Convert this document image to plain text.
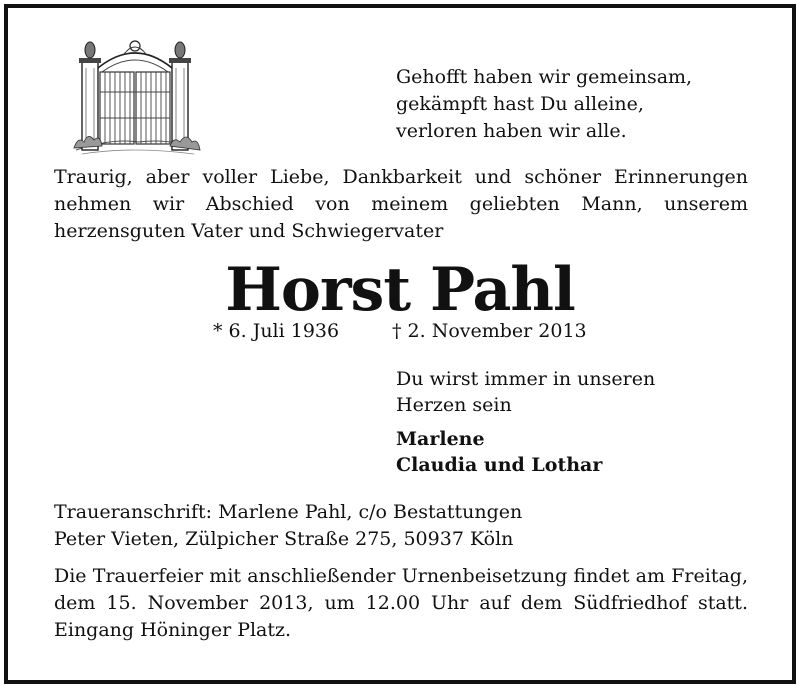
Gehofft haben wir gemeinsam,
gekämpft hast Du alleine,
verloren haben wir alle.
Traurig, aber voller Liebe, Dankbarkeit und schöner Erinnerungen nehmen wir Abschied von meinem geliebten Mann, unserem herzensguten Vater und Schwiegervater
Horst Pahl
* 6. Juli 1936	† 2. November 2013
Du wirst immer in unseren
Herzen sein
Marlene
Claudia und Lothar
Traueranschrift: Marlene Pahl, c/o Bestattungen
Peter Vieten, Zülpicher Straße 275, 50937 Köln
Die Trauerfeier mit anschließender Urnenbeisetzung findet am Freitag,
dem 15. November 2013, um 12.00 Uhr auf dem Südfriedhof statt.
Eingang Höninger Platz.
